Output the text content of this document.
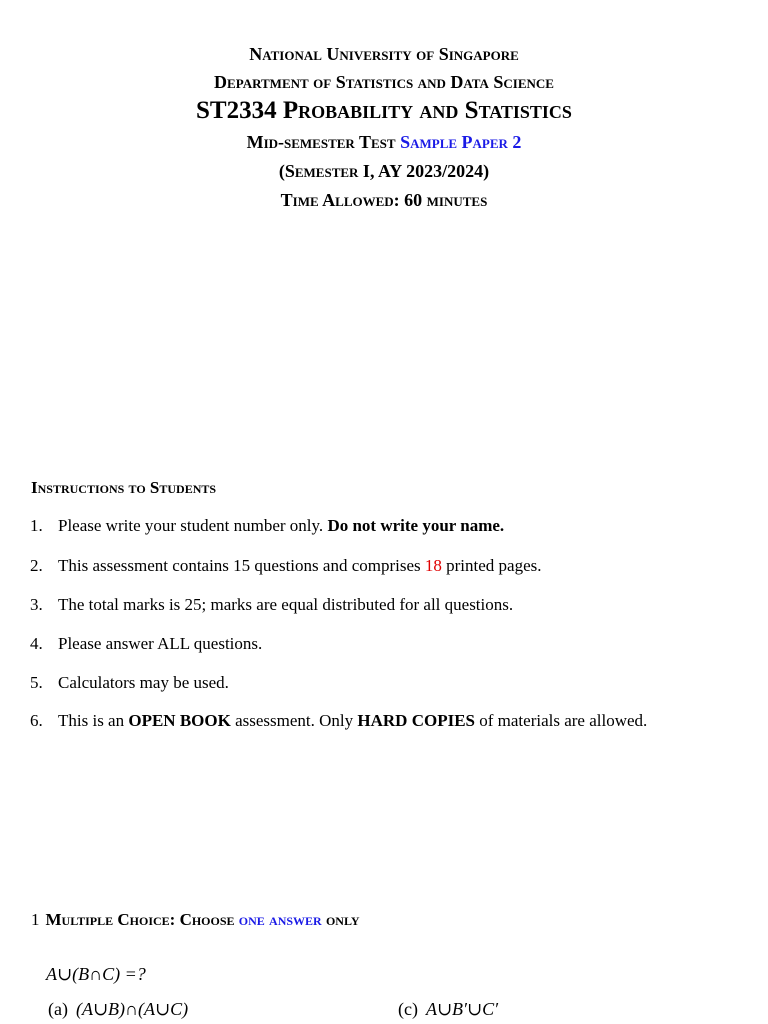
National University of Singapore
Department of Statistics and Data Science
ST2334 Probability and Statistics
Mid-semester Test Sample Paper 2
(Semester I, AY 2023/2024)
Time Allowed: 60 minutes
Instructions to Students
1. Please write your student number only. Do not write your name.
2. This assessment contains 15 questions and comprises 18 printed pages.
3. The total marks is 25; marks are equal distributed for all questions.
4. Please answer ALL questions.
5. Calculators may be used.
6. This is an OPEN BOOK assessment. Only HARD COPIES of materials are allowed.
1 Multiple Choice: Choose one answer only
A∪(B∩C) =?
(a) (A∪B)∩(A∪C)	(c) A∪B′∪C′
